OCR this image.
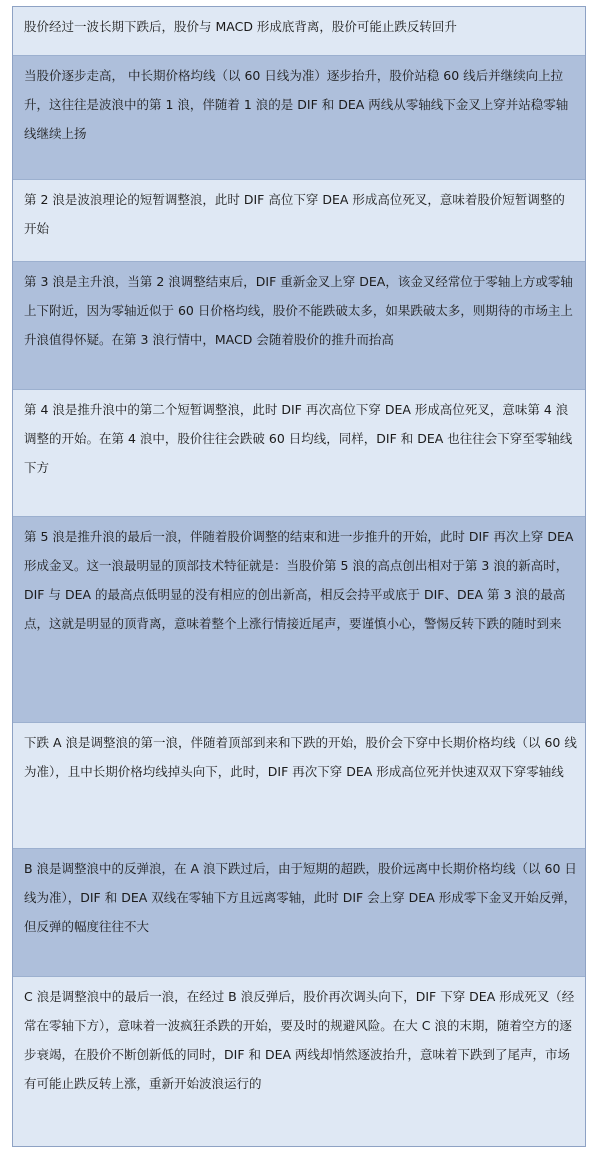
股价经过一波长期下跌后，股价与 MACD 形成底背离，股价可能止跌反转回升
当股价逐步走高， 中长期价格均线（以 60 日线为准）逐步抬升，股价站稳 60 线后并继续向上拉升，这往往是波浪中的第 1 浪，伴随着 1 浪的是 DIF 和 DEA 两线从零轴线下金叉上穿并站稳零轴线继续上扬
第 2 浪是波浪理论的短暂调整浪，此时 DIF 高位下穿 DEA 形成高位死叉，意味着股价短暂调整的开始
第 3 浪是主升浪，当第 2 浪调整结束后，DIF 重新金叉上穿 DEA，该金叉经常位于零轴上方或零轴上下附近，因为零轴近似于 60 日价格均线，股价不能跌破太多，如果跌破太多，则期待的市场主上升浪值得怀疑。在第 3 浪行情中，MACD 会随着股价的推升而抬高
第 4 浪是推升浪中的第二个短暂调整浪，此时 DIF 再次高位下穿 DEA 形成高位死叉，意味第 4 浪调整的开始。在第 4 浪中，股价往往会跌破 60 日均线，同样，DIF 和 DEA 也往往会下穿至零轴线下方
第 5 浪是推升浪的最后一浪，伴随着股价调整的结束和进一步推升的开始，此时 DIF 再次上穿 DEA 形成金叉。这一浪最明显的顶部技术特征就是：当股价第 5 浪的高点创出相对于第 3 浪的新高时，DIF 与 DEA 的最高点低明显的没有相应的创出新高，相反会持平或底于 DIF、DEA 第 3 浪的最高点，这就是明显的顶背离，意味着整个上涨行情接近尾声，要谨慎小心，警惕反转下跌的随时到来
下跌 A 浪是调整浪的第一浪，伴随着顶部到来和下跌的开始，股价会下穿中长期价格均线（以 60 线为准），且中长期价格均线掉头向下，此时，DIF 再次下穿 DEA 形成高位死并快速双双下穿零轴线
B 浪是调整浪中的反弹浪，在 A 浪下跌过后，由于短期的超跌，股价远离中长期价格均线（以 60 日线为准），DIF 和 DEA 双线在零轴下方且远离零轴，此时 DIF 会上穿 DEA 形成零下金叉开始反弹，但反弹的幅度往往不大
C 浪是调整浪中的最后一浪，在经过 B 浪反弹后，股价再次调头向下，DIF 下穿 DEA 形成死叉（经常在零轴下方），意味着一波疯狂杀跌的开始，要及时的规避风险。在大 C 浪的末期，随着空方的逐步衰竭，在股价不断创新低的同时，DIF 和 DEA 两线却悄然逐波抬升，意味着下跌到了尾声，市场有可能止跌反转上涨，重新开始波浪运行的
